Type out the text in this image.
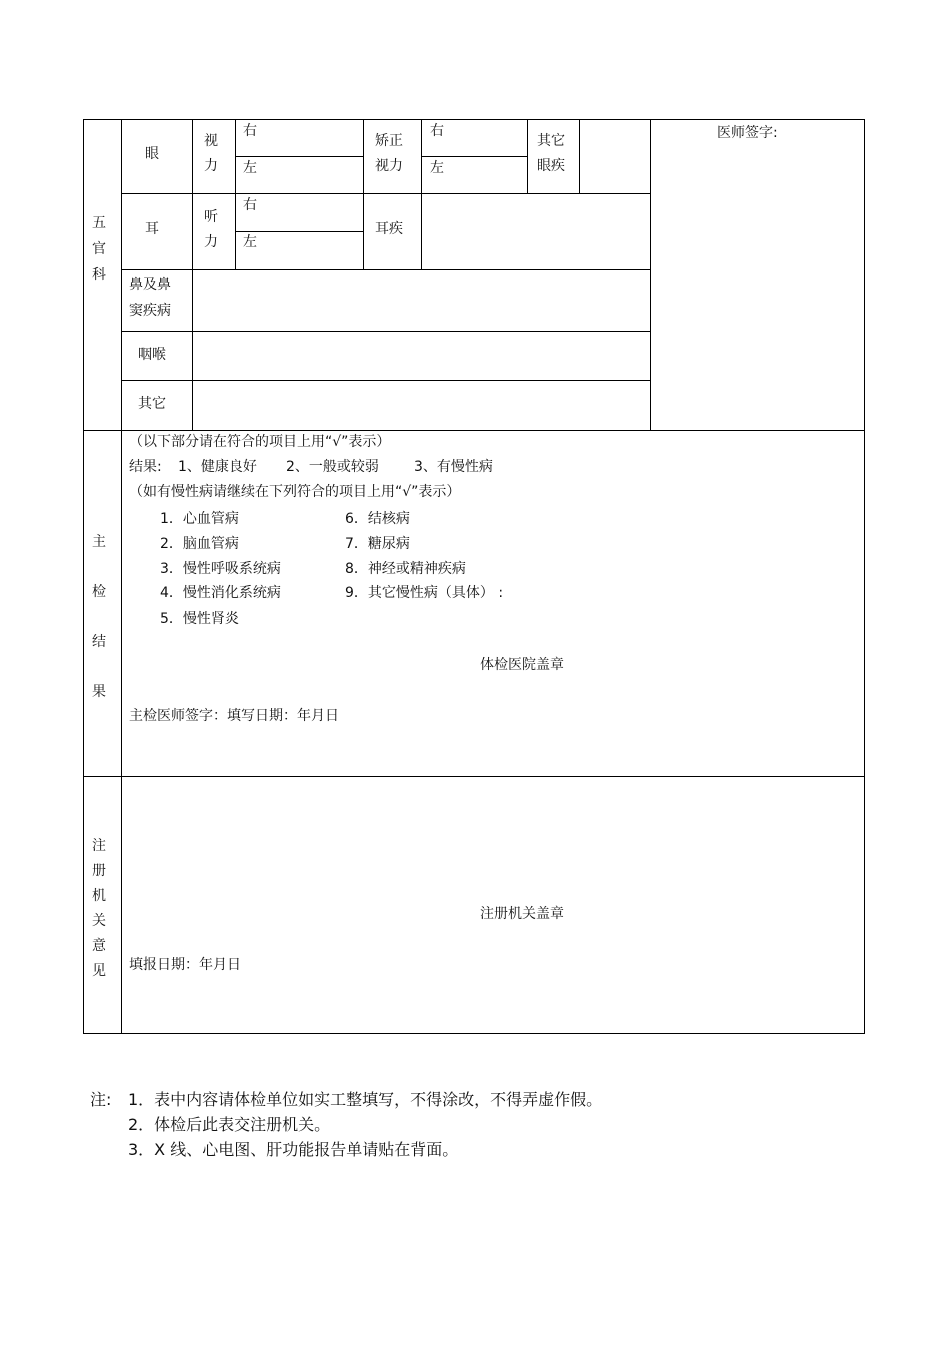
五官科
眼
视
力
右
左
矫正
视力
右
左
其它
眼疾
耳
听
力
右
左
耳疾
鼻及鼻
窦疾病
咽喉
其它
医师签字:
主检结果
（以下部分请在符合的项目上用“√”表示）
结果: 1、健康良好 2、一般或较弱	3、有慢性病
（如有慢性病请继续在下列符合的项目上用“√”表示）
1．心血管病
2．脑血管病
3．慢性呼吸系统病
4．慢性消化系统病
5．慢性肾炎
6．结核病
7．糖尿病
8．神经或精神疾病
9．其它慢性病（具体） :
体检医院盖章
主检医师签字：填写日期：年月日
注册机关意见
注册机关盖章
填报日期：年月日
注: 1．表中内容请体检单位如实工整填写，不得涂改，不得弄虚作假。
2．体检后此表交注册机关。
3．X 线、心电图、肝功能报告单请贴在背面。
